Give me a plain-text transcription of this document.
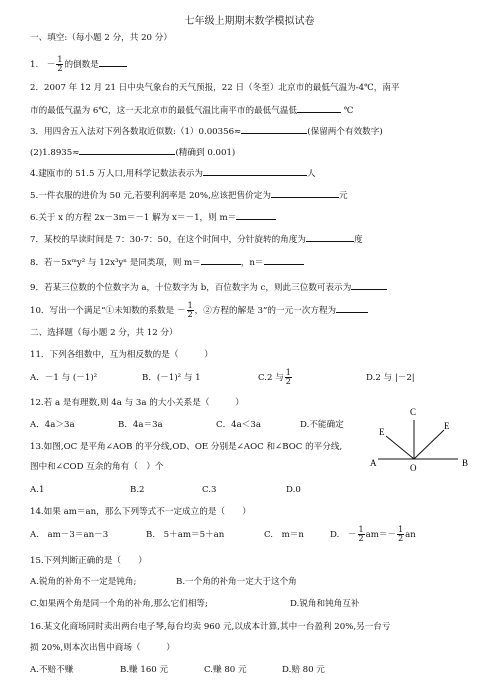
七年级上期期末数学模拟试卷
一、填空:（每小题 2 分，共 20 分）
1.　－ $\frac{1}{2}$ 的倒数是
2．2007 年 12 月 21 日中央气象台的天气预报，22 日（冬至）北京市的最低气温为-4℃，南平
市的最低气温为 6℃，这一天北京市的最低气温比南平市的最低气温低	℃
3．用四舍五入法对下列各数取近似数:（1）0.00356≈	(保留两个有效数字)
(2)1.8935≈	(精确到 0.001)
4.建瓯市的 51.5 万人口,用科学记数法表示为	人
5.一件衣服的进价为 50 元,若要利润率是 20%,应该把售价定为	元
6.关于 x 的方程 2x－3m＝－1 解为 x＝－1，则 m＝
7．某校的早读时间是 7：30-7：50，在这个时间中，分针旋转的角度为	度
8．若－5xᵐy² 与 12x³yⁿ 是同类项，则 m＝	，n＝
9．若某三位数的个位数字为 a，十位数字为 b，百位数字为 c，则此三位数可表示为
10．写出一个满足“①未知数的系数是 － $\frac{1}{2}$ ，②方程的解是 3”的一元一次方程为
二、选择题（每小题 2 分，共 12 分）
11．下列各组数中，互为相反数的是（　　　）
A．－1 与 (－1)²	B．(－1)² 与 1	C.2 与 $\frac{1}{2}$	D.2 与 |－2|
12.若 a 是有理数,则 4a 与 3a 的大小关系是（　　　）
A．4a＞3a	B．4a＝3a	C．4a＜3a	D.不能确定
13.如图,OC 是平角∠AOB 的平分线,OD、OE 分别是∠AOC 和∠BOC 的平分线,
图中和∠COD 互余的角有（　）个
A.1	B.2	C.3	D.0
C
E
E
A	O	B
14.如果 am＝an，那么下列等式不一定成立的是（　　）
A.　am－3＝an－3	B.　5＋am＝5＋an	C.　m＝n	D.　－ $\frac{1}{2} am=- \frac{1}{2}$ an
15.下列判断正确的是（　　）
A.锐角的补角不一定是钝角;	B.一个角的补角一定大于这个角
C.如果两个角是同一个角的补角,那么它们相等;	D.锐角和钝角互补
16.某文化商场同时卖出两台电子琴,每台均卖 960 元,以成本计算,其中一台盈利 20%,另一台亏
损 20%,则本次出售中商场（　　　）
A.不赔不赚	B.赚 160 元	C.赚 80 元	D.赔 80 元
